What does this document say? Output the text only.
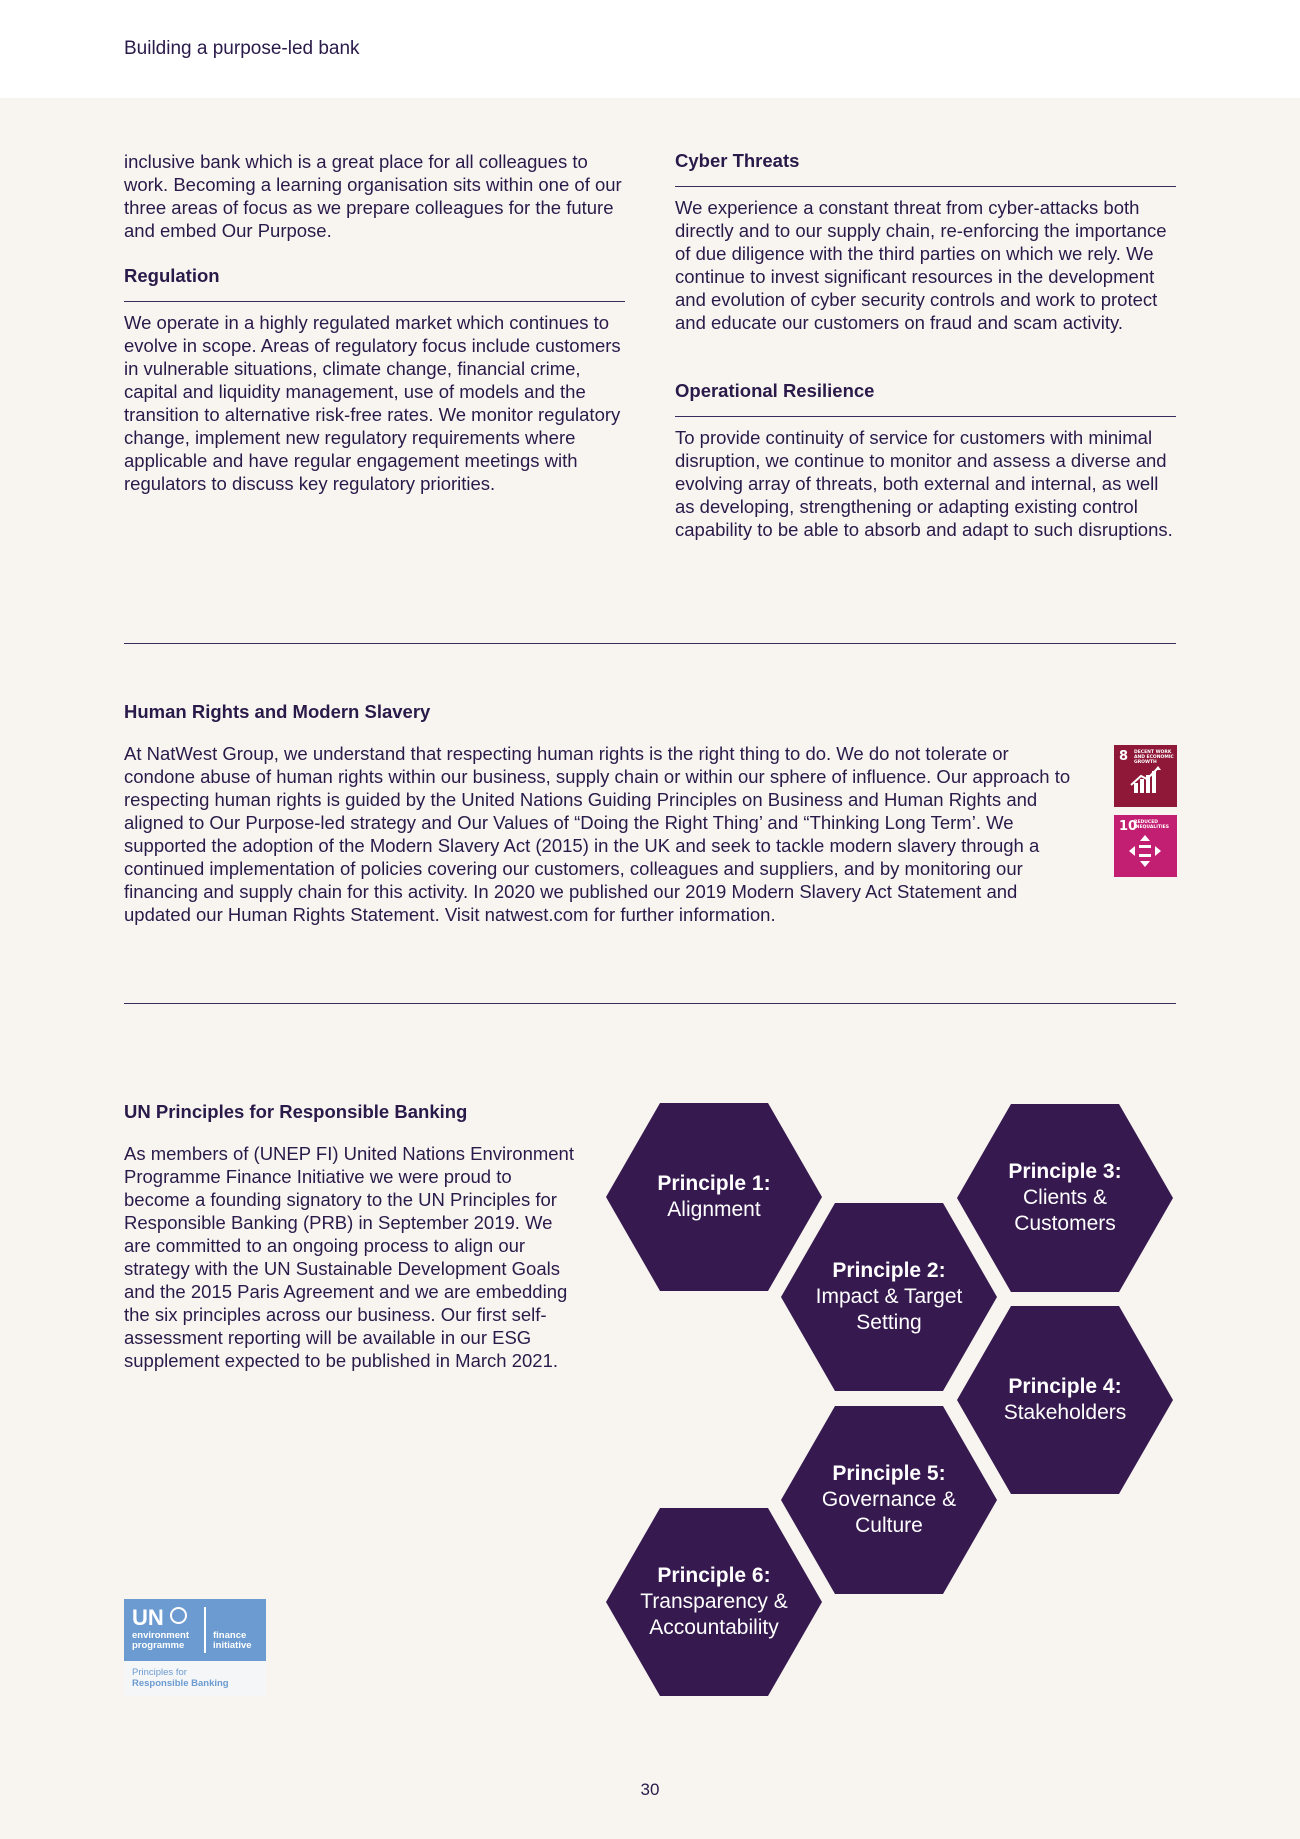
Building a purpose-led bank

inclusive bank which is a great place for all colleagues to work. Becoming a learning organisation sits within one of our three areas of focus as we prepare colleagues for the future and embed Our Purpose.

Regulation

We operate in a highly regulated market which continues to evolve in scope. Areas of regulatory focus include customers in vulnerable situations, climate change, financial crime, capital and liquidity management, use of models and the transition to alternative risk-free rates. We monitor regulatory change, implement new regulatory requirements where applicable and have regular engagement meetings with regulators to discuss key regulatory priorities.

Cyber Threats

We experience a constant threat from cyber-attacks both directly and to our supply chain, re-enforcing the importance of due diligence with the third parties on which we rely. We continue to invest significant resources in the development and evolution of cyber security controls and work to protect and educate our customers on fraud and scam activity.

Operational Resilience

To provide continuity of service for customers with minimal disruption, we continue to monitor and assess a diverse and evolving array of threats, both external and internal, as well as developing, strengthening or adapting existing control capability to be able to absorb and adapt to such disruptions.

Human Rights and Modern Slavery

At NatWest Group, we understand that respecting human rights is the right thing to do. We do not tolerate or condone abuse of human rights within our business, supply chain or within our sphere of influence. Our approach to respecting human rights is guided by the United Nations Guiding Principles on Business and Human Rights and aligned to Our Purpose-led strategy and Our Values of “Doing the Right Thing’ and “Thinking Long Term’. We supported the adoption of the Modern Slavery Act (2015) in the UK and seek to tackle modern slavery through a continued implementation of policies covering our customers, colleagues and suppliers, and by monitoring our financing and supply chain for this activity. In 2020 we published our 2019 Modern Slavery Act Statement and updated our Human Rights Statement. Visit natwest.com for further information.

8 DECENT WORK AND ECONOMIC GROWTH
10
REDUCED INEQUALITIES

UN Principles for Responsible Banking

As members of (UNEP FI) United Nations Environment Programme Finance Initiative we were proud to become a founding signatory to the UN Principles for Responsible Banking (PRB) in September 2019. We are committed to an ongoing process to align our strategy with the UN Sustainable Development Goals and the 2015 Paris Agreement and we are embedding the six principles across our business. Our first self-assessment reporting will be available in our ESG supplement expected to be published in March 2021.

Principle 1:
Alignment
Principle 2:
Impact & Target
Setting
Principle 3:
Clients &
Customers
Principle 4:
Stakeholders
Principle 5:
Governance &
Culture
Principle 6:
Transparency &
Accountability
UN
environment
programme
finance
initiative
Principles for
Responsible Banking
30
